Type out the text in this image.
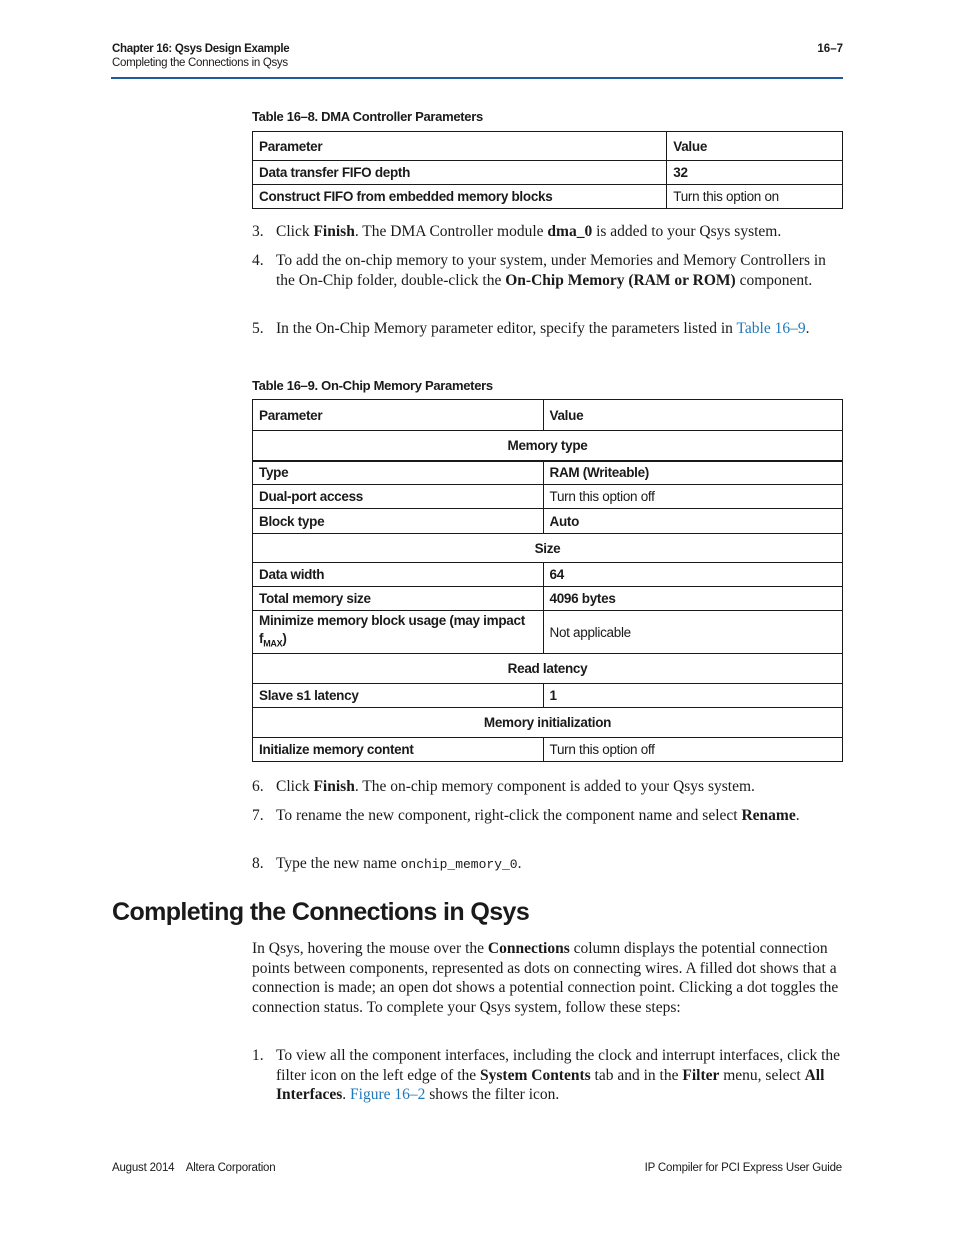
Chapter 16: Qsys Design Example
Completing the Connections in Qsys
16–7
Table 16–8. DMA Controller Parameters
Parameter	Value
Data transfer FIFO depth	32
Construct FIFO from embedded memory blocks	Turn this option on
3. Click Finish. The DMA Controller module dma_0 is added to your Qsys system.
4. To add the on-chip memory to your system, under Memories and Memory Controllers in the On-Chip folder, double-click the On-Chip Memory (RAM or ROM) component.
5. In the On-Chip Memory parameter editor, specify the parameters listed in Table 16–9.
Table 16–9. On-Chip Memory Parameters
Parameter	Value
Memory type	
Type	RAM (Writeable)
Dual-port access	Turn this option off
Block type	Auto
Size	
Data width	64
Total memory size	4096 bytes
Minimize memory block usage (may impact $f_{MAX}$)	Not applicable
Read latency	
Slave s1 latency	1
Memory initialization	
Initialize memory content	Turn this option off
6. Click Finish. The on-chip memory component is added to your Qsys system.
7. To rename the new component, right-click the component name and select Rename.
8. Type the new name onchip_memory_0.
Completing the Connections in Qsys
In Qsys, hovering the mouse over the Connections column displays the potential connection points between components, represented as dots on connecting wires. A filled dot shows that a connection is made; an open dot shows a potential connection point. Clicking a dot toggles the connection status. To complete your Qsys system, follow these steps:
1. To view all the component interfaces, including the clock and interrupt interfaces, click the filter icon on the left edge of the System Contents tab and in the Filter menu, select All Interfaces. Figure 16–2 shows the filter icon.
August 2014    Altera Corporation	IP Compiler for PCI Express User Guide
